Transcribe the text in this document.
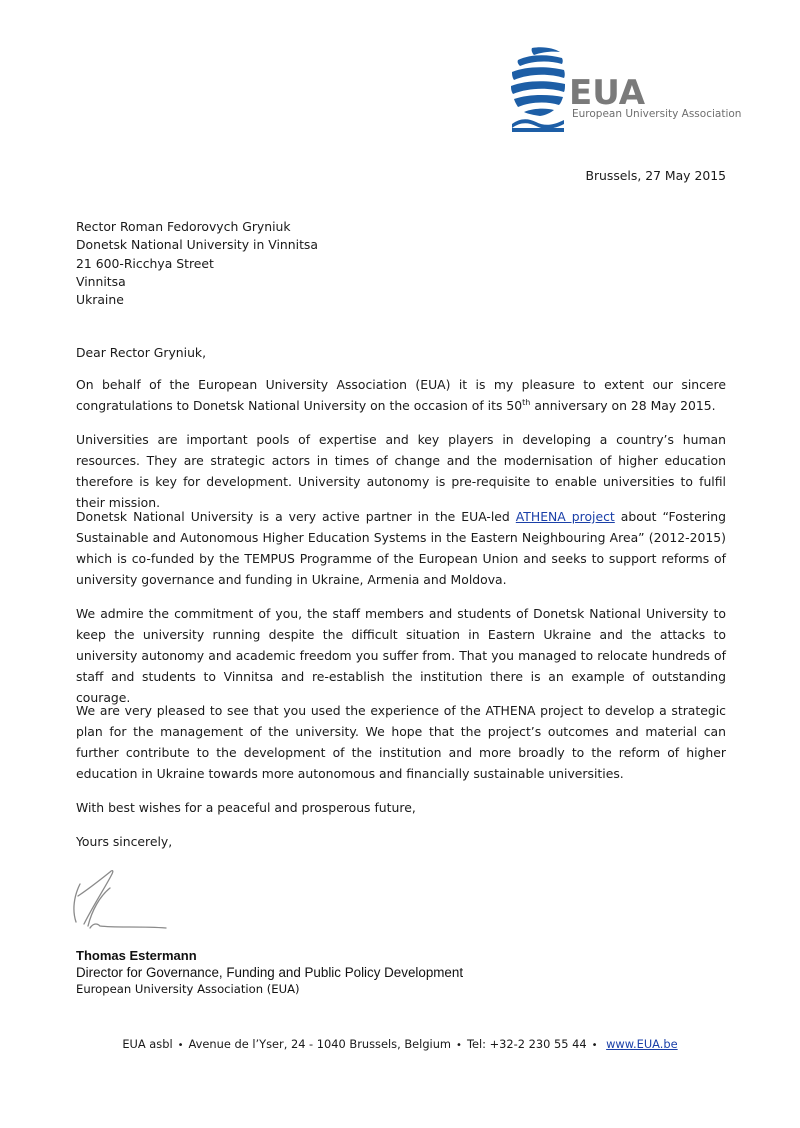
EUA
European University Association
Brussels, 27 May 2015
Rector Roman Fedorovych Gryniuk
Donetsk National University in Vinnitsa
21 600-Ricchya Street
Vinnitsa
Ukraine
Dear Rector Gryniuk,

On behalf of the European University Association (EUA) it is my pleasure to extent our sincere congratulations to Donetsk National University on the occasion of its 50th anniversary on 28 May 2015.

Universities are important pools of expertise and key players in developing a country’s human resources. They are strategic actors in times of change and the modernisation of higher education therefore is key for development. University autonomy is pre-requisite to enable universities to fulfil their mission.

Donetsk National University is a very active partner in the EUA-led ATHENA project about “Fostering Sustainable and Autonomous Higher Education Systems in the Eastern Neighbouring Area” (2012-2015) which is co-funded by the TEMPUS Programme of the European Union and seeks to support reforms of university governance and funding in Ukraine, Armenia and Moldova.

We admire the commitment of you, the staff members and students of Donetsk National University to keep the university running despite the difficult situation in Eastern Ukraine and the attacks to university autonomy and academic freedom you suffer from. That you managed to relocate hundreds of staff and students to Vinnitsa and re-establish the institution there is an example of outstanding courage.

We are very pleased to see that you used the experience of the ATHENA project to develop a strategic plan for the management of the university. We hope that the project’s outcomes and material can further contribute to the development of the institution and more broadly to the reform of higher education in Ukraine towards more autonomous and financially sustainable universities.

With best wishes for a peaceful and prosperous future,
Yours sincerely,
Thomas Estermann
Director for Governance, Funding and Public Policy Development
European University Association (EUA)
EUA asbl • Avenue de l’Yser, 24 - 1040 Brussels, Belgium • Tel: +32-2 230 55 44 • www.EUA.be
